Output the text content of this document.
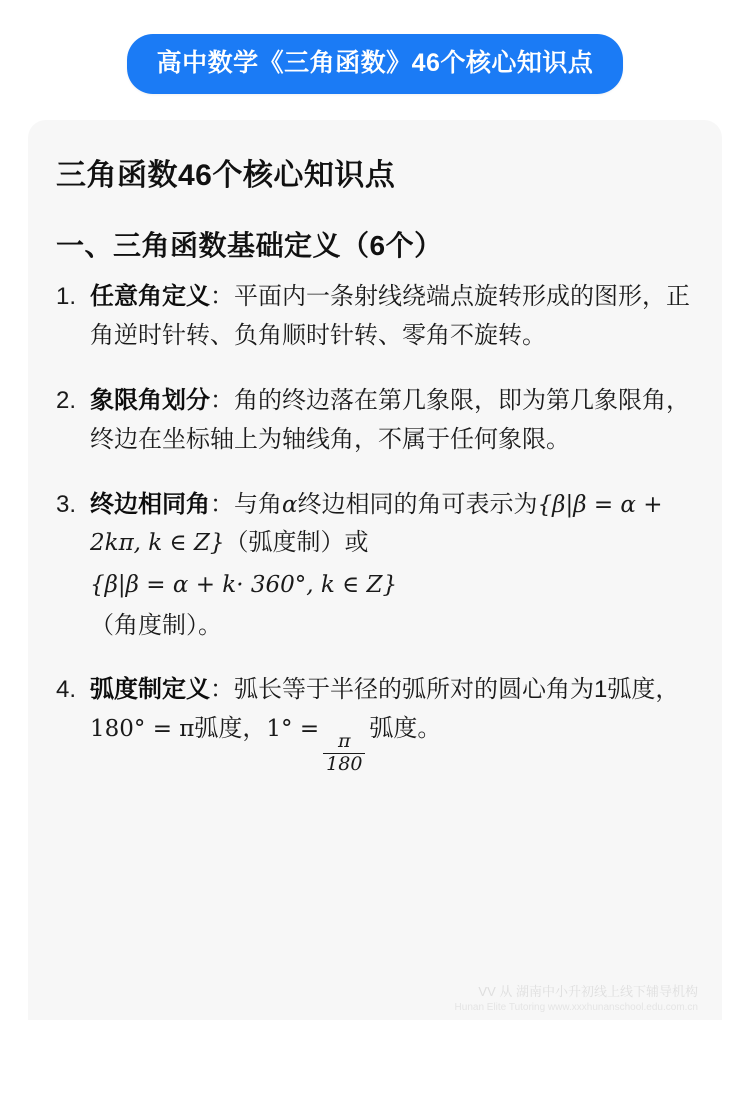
高中数学《三角函数》46个核心知识点
三角函数46个核心知识点
一、三角函数基础定义（6个）
1. 任意角定义：平面内一条射线绕端点旋转形成的图形，正角逆时针转、负角顺时针转、零角不旋转。
2. 象限角划分：角的终边落在第几象限，即为第几象限角，终边在坐标轴上为轴线角，不属于任何象限。
3. 终边相同角：与角α终边相同的角可表示为{β|β = α + 2kπ, k ∈ Z}（弧度制）或
{β|β = α + k· 360°, k ∈ Z}
（角度制）。
4. 弧度制定义：弧长等于半径的弧所对的圆心角为1弧度，180° = π弧度，1° =
$\frac{\pi}{180}$
弧度。
VV 从 湖南中小升初线上线下辅导机构
Hunan Elite Tutoring www.xxxhunanschool.edu.com.cn
